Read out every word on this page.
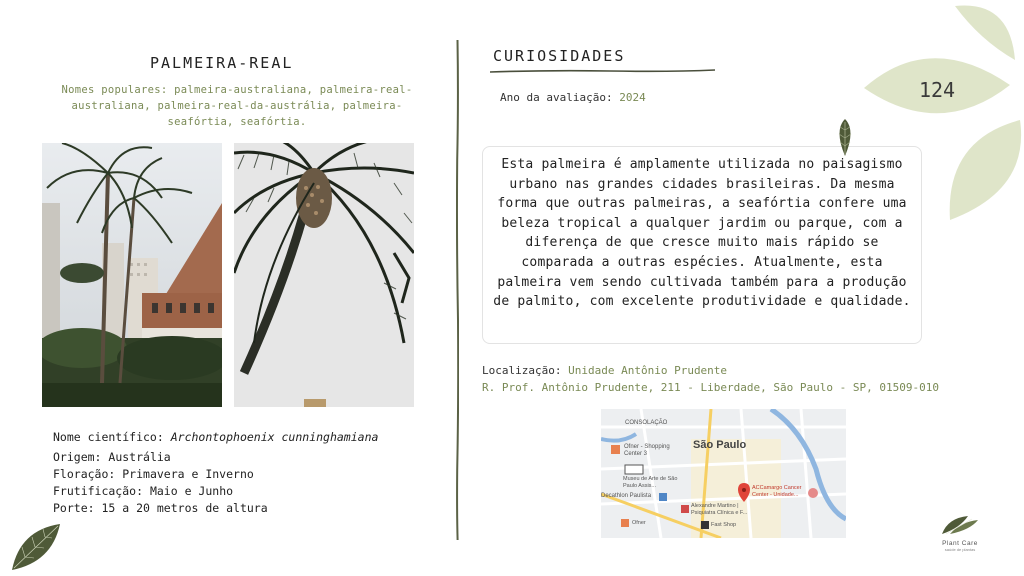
PALMEIRA-REAL
Nomes populares: palmeira-australiana, palmeira-real-australiana, palmeira-real-da-austrália, palmeira-seafórtia, seafórtia.
Nome científico: Archontophoenix cunninghamiana
Origem: Austrália
Floração: Primavera e Inverno
Frutificação: Maio e Junho
Porte: 15 a 20 metros de altura
CURIOSIDADES
Ano da avaliação: 2024
Esta palmeira é amplamente utilizada no paisagismo urbano nas grandes cidades brasileiras. Da mesma forma que outras palmeiras, a seafórtia confere uma beleza tropical a qualquer jardim ou parque, com a diferença de que cresce muito mais rápido se comparada a outras espécies. Atualmente, esta palmeira vem sendo cultivada também para a produção de palmito, com excelente produtividade e qualidade.
Localização: Unidade Antônio Prudente
R. Prof. Antônio Prudente, 211 - Liberdade, São Paulo - SP, 01509-010
CONSOLAÇÃO
São Paulo
Ofner - Shopping Center 3
Museu de Arte de São Paulo Assis...
Decathlon Paulista
Alexandre Martino | Psiquiatra Clínica e F...
ACCamargo Cancer Center - Unidade...
Ofner	Fast Shop
124
Plant Care
saúde de plantas
